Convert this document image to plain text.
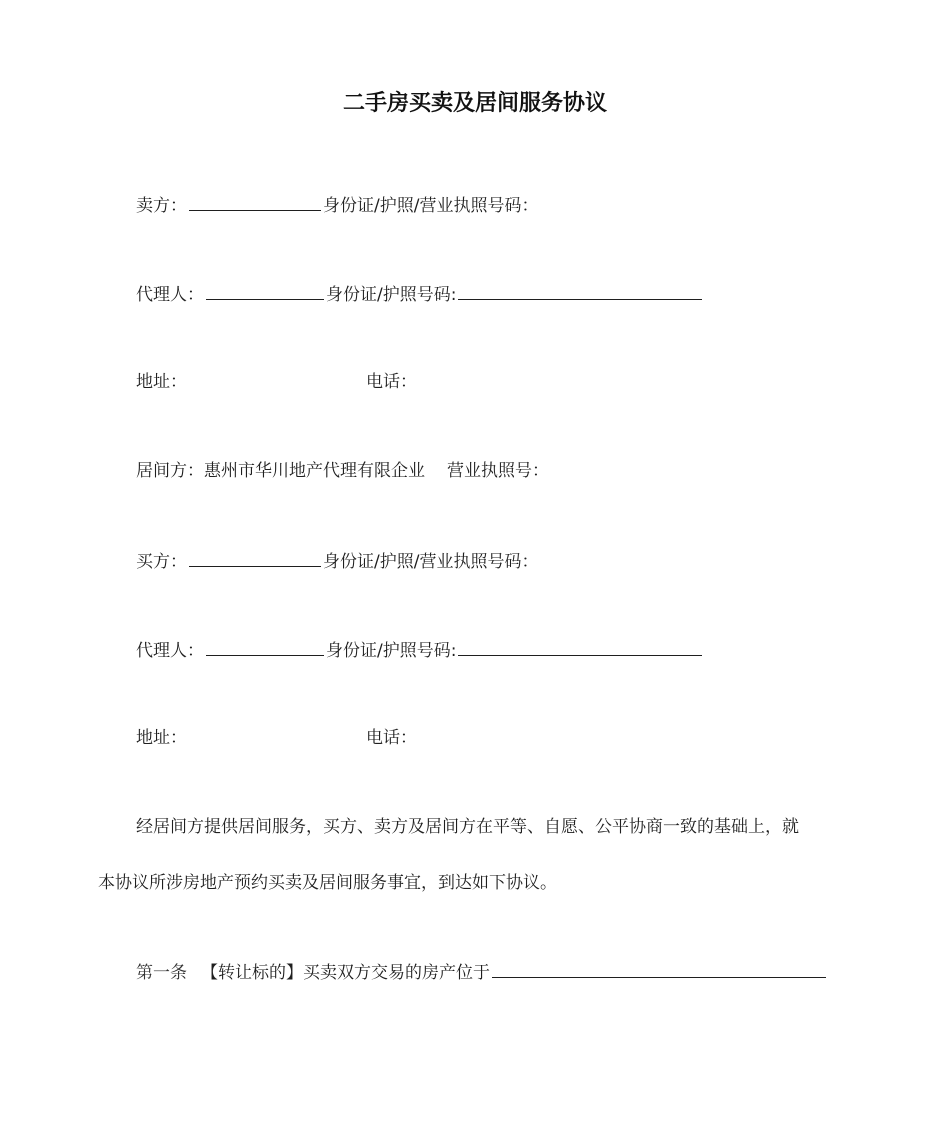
二手房买卖及居间服务协议
卖方：	身份证/护照/营业执照号码：
代理人：	身份证/护照号码:
地址：	电话：
居间方：惠州市华川地产代理有限企业 营业执照号：
买方：	身份证/护照/营业执照号码：
代理人：	身份证/护照号码:
地址：	电话：
经居间方提供居间服务，买方、卖方及居间方在平等、自愿、公平协商一致的基础上，就
本协议所涉房地产预约买卖及居间服务事宜，到达如下协议。
第一条 【转让标的】买卖双方交易的房产位于
